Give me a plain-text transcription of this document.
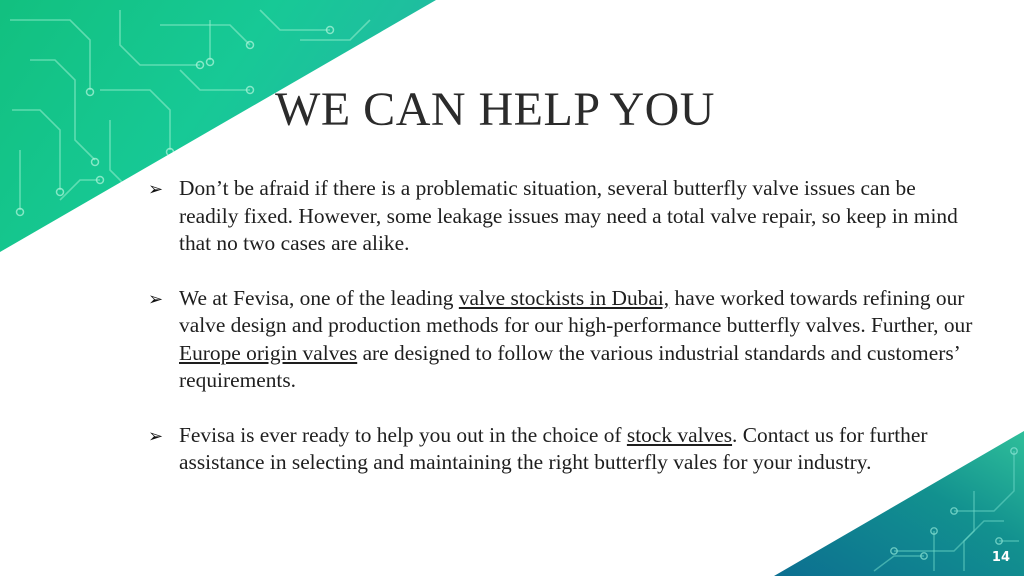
WE CAN HELP YOU
➢ Don’t be afraid if there is a problematic situation, several butterfly valve issues can be readily fixed. However, some leakage issues may need a total valve repair, so keep in mind that no two cases are alike.
➢ We at Fevisa, one of the leading valve stockists in Dubai, have worked towards refining our valve design and production methods for our high-performance butterfly valves. Further, our Europe origin valves are designed to follow the various industrial standards and customers’ requirements.
➢ Fevisa is ever ready to help you out in the choice of stock valves. Contact us for further assistance in selecting and maintaining the right butterfly vales for your industry.
14
